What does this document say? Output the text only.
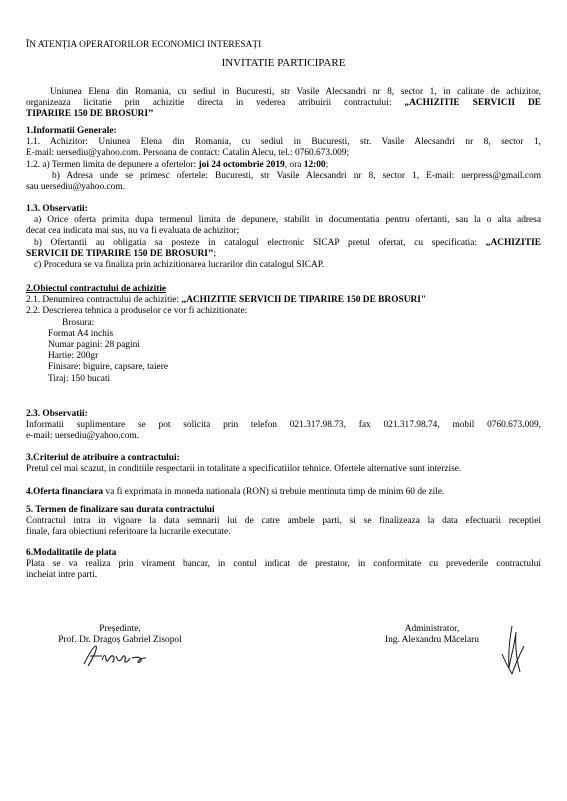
ÎN ATENȚIA OPERATORILOR ECONOMICI INTERESAȚI
INVITATIE PARTICIPARE
Uniunea Elena din Romania, cu sediul in Bucuresti, str Vasile Alecsandri nr 8, sector 1, in calitate de achizitor,
organizeaza licitatie prin achizitie directa in vederea atribuirii contractului: „ACHIZITIE SERVICII DE
TIPARIRE 150 DE BROSURI’’
1.Informatii Generale:
1.1. Achizitor: Uniunea Elena din Romania, cu sediul in Bucuresti, str. Vasile Alecsandri nr 8, sector 1,
E-mail: uersediu@yahoo.com. Persoana de contact: Catalin Alecu, tel.: 0760.673.009;
1.2. a) Termen limita de depunere a ofertelor: joi 24 octombrie 2019, ora 12:00;
b) Adresa unde se primesc ofertele: Bucuresti, str Vasile Alecsandri nr 8, sector 1, E-mail: uerpress@gmail.com
sau uersediu@yahoo.com.
1.3. Observatii:
a) Orice oferta primita dupa termenul limita de depunere, stabilit in documentatia pentru ofertanti, sau la o alta adresa
decat cea indicata mai sus, nu va fi evaluata de achizitor;
b) Ofertantii au obligatia sa posteze in catalogul electronic SICAP pretul ofertat, cu specificatia: „ACHIZITIE
SERVICII DE TIPARIRE 150 DE BROSURI’’;
c) Procedura se va finaliza prin achizitionarea lucrarilor din catalogul SICAP.
2.Obiectul contractului de achizitie
2.1. Denumirea contractului de achizitie: „ACHIZITIE SERVICII DE TIPARIRE 150 DE BROSURI"
2.2. Descrierea tehnica a produselor ce vor fi achizitionate:
Brosura:
Format A4 inchis
Numar pagini: 28 pagini
Hartie: 200gr
Finisare: biguire, capsare, taiere
Tiraj: 150 bucati
2.3. Observatii:
Informatii suplimentare se pot solicita prin telefon 021.317.98.73, fax 021.317.98.74, mobil 0760.673.009,
e-mail: uersediu@yahoo.com.
3.Criteriul de atribuire a contractului:
Pretul cel mai scazut, in conditiile respectarii in totalitate a specificatiilor tehnice. Ofertele alternative sunt interzise.
4.Oferta financiara va fi exprimata in moneda nationala (RON) si trebuie mentinuta timp de minim 60 de zile.
5. Termen de finalizare sau durata contractului
Contractul intra in vigoare la data semnarii lui de catre ambele parti, si se finalizeaza la data efectuarii receptiei
finale, fara obiectiuni referitoare la lucrarile executate.
6.Modalitatile de plata
Plata se va realiza prin virament bancar, in contul indicat de prestator, in conformitate cu prevederile contractului
incheiat intre parti.
Președinte,
Prof. Dr. Dragoș Gabriel Zisopol
Administrator,
Ing. Alexandru Măcelaru
